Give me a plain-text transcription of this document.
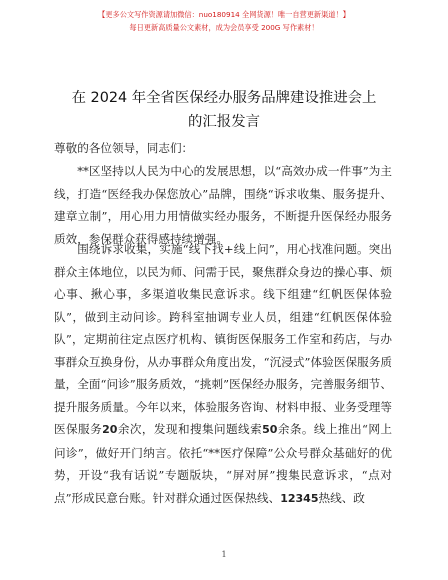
【更多公文写作资源请加微信：nuo180914 全网货源！唯一自营更新渠道！】
每日更新高质量公文素材，成为会员享受 200G 写作素材！
在 2024 年全省医保经办服务品牌建设推进会上
的汇报发言
尊敬的各位领导，同志们：

**区坚持以人民为中心的发展思想，以“高效办成一件事”为主线，打造“医经我办保您放心”品牌，围绕“诉求收集、服务提升、建章立制”，用心用力用情做实经办服务，不断提升医保经办服务质效，参保群众获得感持续增强。

围绕诉求收集，实施“线下找+线上问”，用心找准问题。突出群众主体地位，以民为师、问需于民，聚焦群众身边的操心事、烦心事、揪心事，多渠道收集民意诉求。线下组建“红帆医保体验队”，做到主动问诊。跨科室抽调专业人员，组建“红帆医保体验队”，定期前往定点医疗机构、镇街医保服务工作室和药店，与办事群众互换身份，从办事群众角度出发，“沉浸式”体验医保服务质量，全面“问诊”服务质效，“挑刺”医保经办服务，完善服务细节、提升服务质量。今年以来，体验服务咨询、材料申报、业务受理等医保服务20余次，发现和搜集问题线索50余条。线上推出“网上问诊”，做好开门纳言。依托“**医疗保障”公众号群众基础好的优势，开设“我有话说”专题版块，“屏对屏”搜集民意诉求，“点对点”形成民意台账。针对群众通过医保热线、12345热线、政

1
